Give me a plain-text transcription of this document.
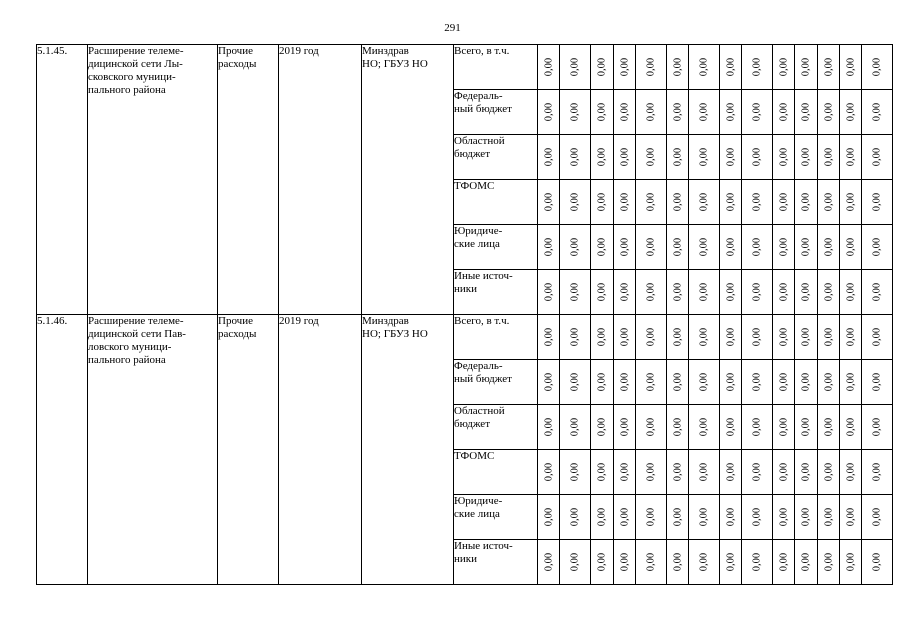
291
5.1.45.	Расширение телеме-
дицинской сети Лы-
сковского муници-
пального района	Прочие
расходы	2019 год	Минздрав
НО; ГБУЗ НО	Всего, в т.ч.	0,00	0,00	0,00	0,00	0,00	0,00	0,00	0,00	0,00	0,00	0,00	0,00	0,00	0,00

					Федераль-
ный бюджет	0,00	0,00	0,00	0,00	0,00	0,00	0,00	0,00	0,00	0,00	0,00	0,00	0,00	0,00

					Областной
бюджет	0,00	0,00	0,00	0,00	0,00	0,00	0,00	0,00	0,00	0,00	0,00	0,00	0,00	0,00

					ТФОМС	0,00	0,00	0,00	0,00	0,00	0,00	0,00	0,00	0,00	0,00	0,00	0,00	0,00	0,00

					Юридиче-
ские лица	0,00	0,00	0,00	0,00	0,00	0,00	0,00	0,00	0,00	0,00	0,00	0,00	0,00	0,00

					Иные источ-
ники	0,00	0,00	0,00	0,00	0,00	0,00	0,00	0,00	0,00	0,00	0,00	0,00	0,00	0,00

5.1.46.	Расширение телеме-
дицинской сети Пав-
ловского муници-
пального района	Прочие
расходы	2019 год	Минздрав
НО; ГБУЗ НО	Всего, в т.ч.	0,00	0,00	0,00	0,00	0,00	0,00	0,00	0,00	0,00	0,00	0,00	0,00	0,00	0,00

					Федераль-
ный бюджет	0,00	0,00	0,00	0,00	0,00	0,00	0,00	0,00	0,00	0,00	0,00	0,00	0,00	0,00

					Областной
бюджет	0,00	0,00	0,00	0,00	0,00	0,00	0,00	0,00	0,00	0,00	0,00	0,00	0,00	0,00

					ТФОМС	0,00	0,00	0,00	0,00	0,00	0,00	0,00	0,00	0,00	0,00	0,00	0,00	0,00	0,00

					Юридиче-
ские лица	0,00	0,00	0,00	0,00	0,00	0,00	0,00	0,00	0,00	0,00	0,00	0,00	0,00	0,00

					Иные источ-
ники	0,00	0,00	0,00	0,00	0,00	0,00	0,00	0,00	0,00	0,00	0,00	0,00	0,00	0,00
